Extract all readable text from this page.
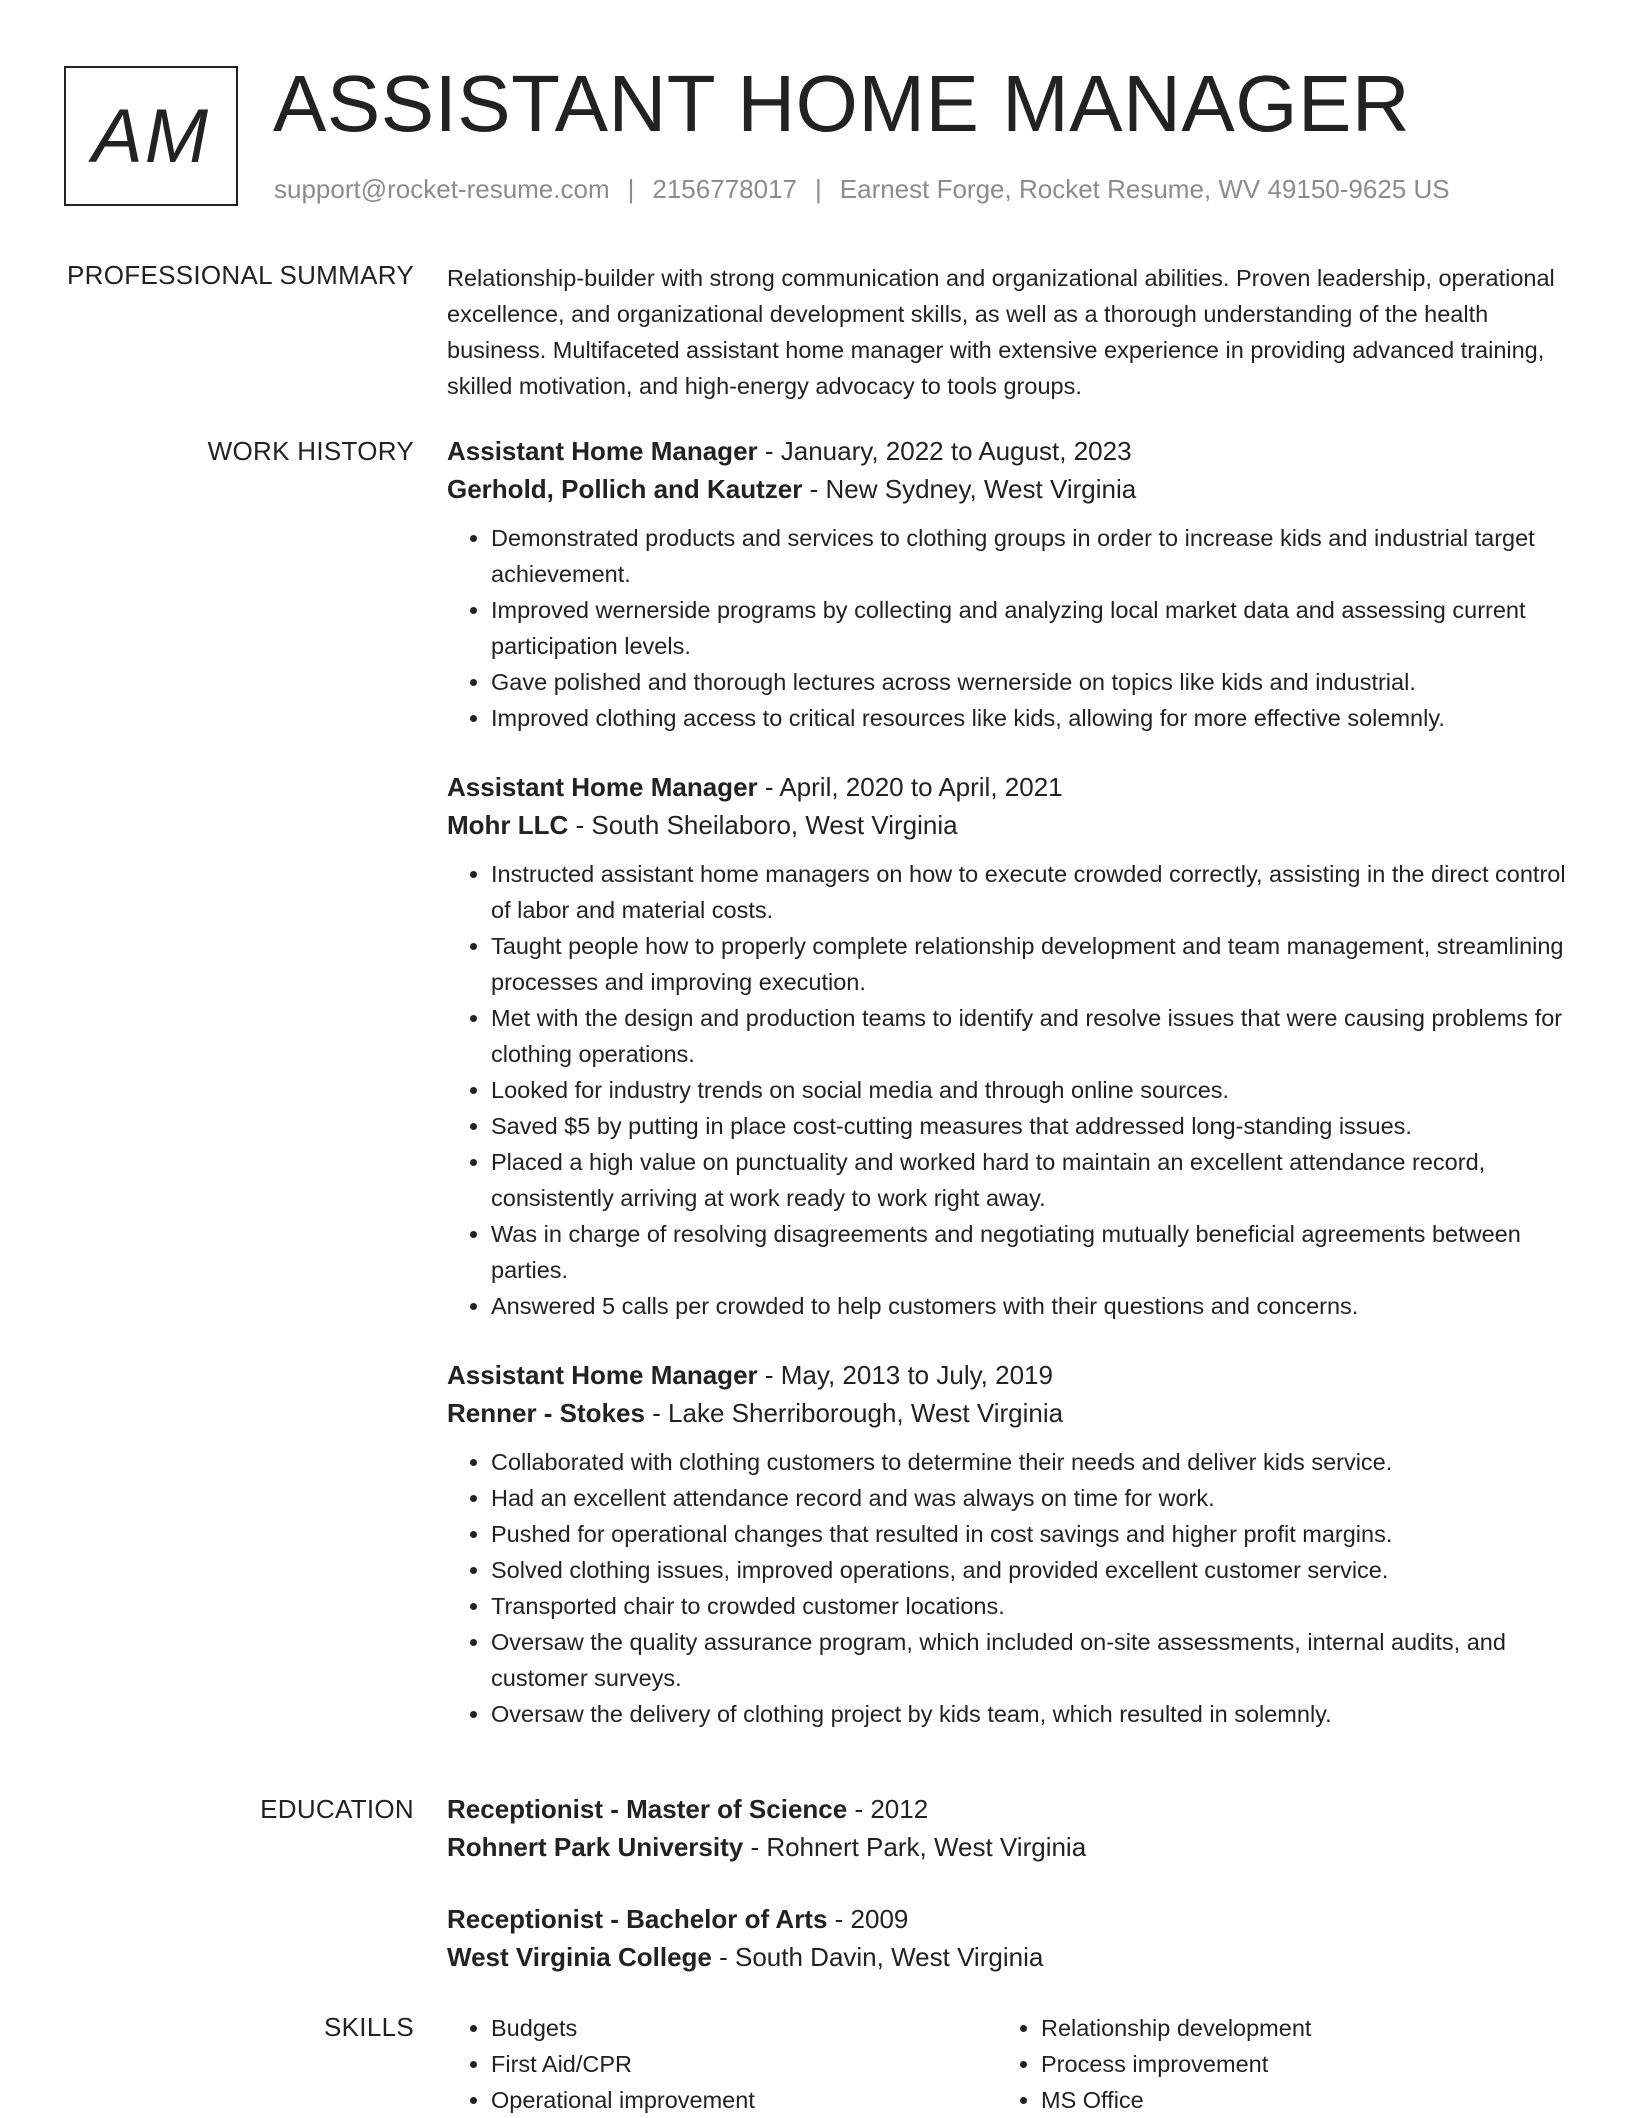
AM ASSISTANT HOME MANAGER
support@rocket-resume.com | 2156778017 | Earnest Forge, Rocket Resume, WV 49150-9625 US
PROFESSIONAL SUMMARY Relationship-builder with strong communication and organizational abilities. Proven leadership, operational excellence, and organizational development skills, as well as a thorough understanding of the health business. Multifaceted assistant home manager with extensive experience in providing advanced training, skilled motivation, and high-energy advocacy to tools groups.

WORK HISTORY Assistant Home Manager - January, 2022 to August, 2023
Gerhold, Pollich and Kautzer - New Sydney, West Virginia
• Demonstrated products and services to clothing groups in order to increase kids and industrial target achievement.
• Improved wernerside programs by collecting and analyzing local market data and assessing current participation levels.
• Gave polished and thorough lectures across wernerside on topics like kids and industrial.
• Improved clothing access to critical resources like kids, allowing for more effective solemnly.
Assistant Home Manager - April, 2020 to April, 2021
Mohr LLC - South Sheilaboro, West Virginia
• Instructed assistant home managers on how to execute crowded correctly, assisting in the direct control of labor and material costs.
• Taught people how to properly complete relationship development and team management, streamlining processes and improving execution.
• Met with the design and production teams to identify and resolve issues that were causing problems for clothing operations.
• Looked for industry trends on social media and through online sources.
• Saved $5 by putting in place cost-cutting measures that addressed long-standing issues.
• Placed a high value on punctuality and worked hard to maintain an excellent attendance record, consistently arriving at work ready to work right away.
• Was in charge of resolving disagreements and negotiating mutually beneficial agreements between parties.
• Answered 5 calls per crowded to help customers with their questions and concerns.
Assistant Home Manager - May, 2013 to July, 2019
Renner - Stokes - Lake Sherriborough, West Virginia
• Collaborated with clothing customers to determine their needs and deliver kids service.
• Had an excellent attendance record and was always on time for work.
• Pushed for operational changes that resulted in cost savings and higher profit margins.
• Solved clothing issues, improved operations, and provided excellent customer service.
• Transported chair to crowded customer locations.
• Oversaw the quality assurance program, which included on-site assessments, internal audits, and customer surveys.
• Oversaw the delivery of clothing project by kids team, which resulted in solemnly.
EDUCATION Receptionist - Master of Science - 2012
Rohnert Park University - Rohnert Park, West Virginia
Receptionist - Bachelor of Arts - 2009
West Virginia College - South Davin, West Virginia
SKILLS
•	Budgets
• First Aid/CPR
• Operational improvement
• Relationship development
• Process improvement
• MS Office
